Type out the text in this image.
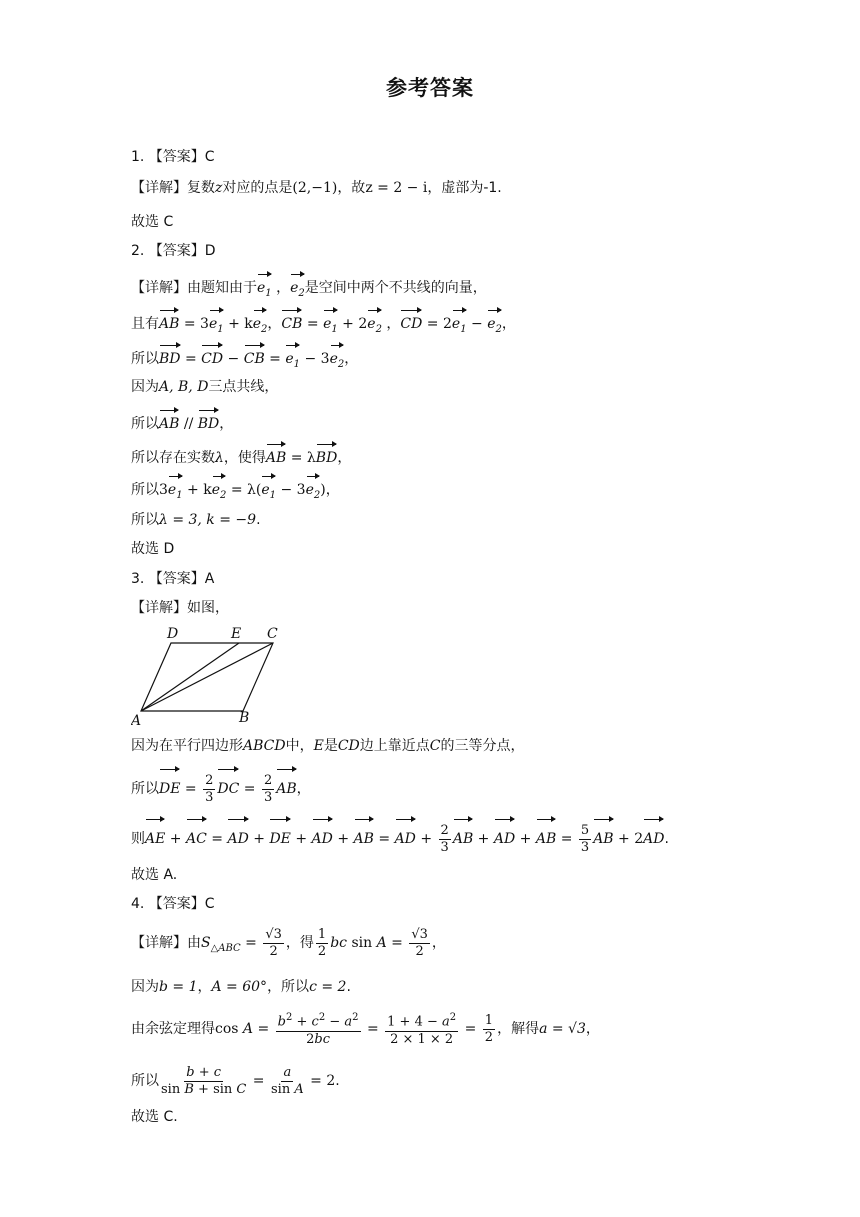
参考答案
1. 【答案】C
【详解】复数z对应的点是(2,−1)，故z = 2 − i，虚部为-1.
故选 C
2. 【答案】D
【详解】由题知由于$e_1$ ，$e_2$是空间中两个不共线的向量，
且有AB = $3e_1 + ke_2$，CB = $e_1 + 2e_2$ ，CD = $2e_1 - e_2$，
所以BD = CD − CB = $e_1 - 3e_2$，
因为A, B, D三点共线，
所以AB // BD，
所以存在实数λ，使得AB = λBD，
所以$3e_1 + ke_2 = \lambda(e_1 - 3e_2)$，
所以λ = 3, k = −9.
故选 D
3. 【答案】A
【详解】如图，
A	B
C
D	E
因为在平行四边形ABCD中，E是CD边上靠近点C的三等分点，
所以DE = $\frac{2}{3}$ DC = $\frac{2}{3}$ AB，
则AE + AC = AD + DE + AD + AB = AD + $\frac{2}{3}$ AB + AD + AB = $\frac{5}{3}$ AB + 2AD.
故选 A.
4. 【答案】C
【详解】由$S_{\triangle ABC} = \frac{√3}{2}$ ，得 $\frac{1}{2}$ bc $\sin A = \frac{√3}{2}$ ，
因为b = 1，A = 60°，所以c = 2.
由余弦定理得$\cos A = \frac{b^2 + c^2 - a^2}{2bc} = \frac{1 + 4 - a^2}{2 \times 1 \times 2} = \frac{1}{2}$ ，解得a = √3，
所以 $\frac{b + c}{\text{sin B + sin C}} = \frac{a}{\text{sin A}} = 2$.
故选 C.
